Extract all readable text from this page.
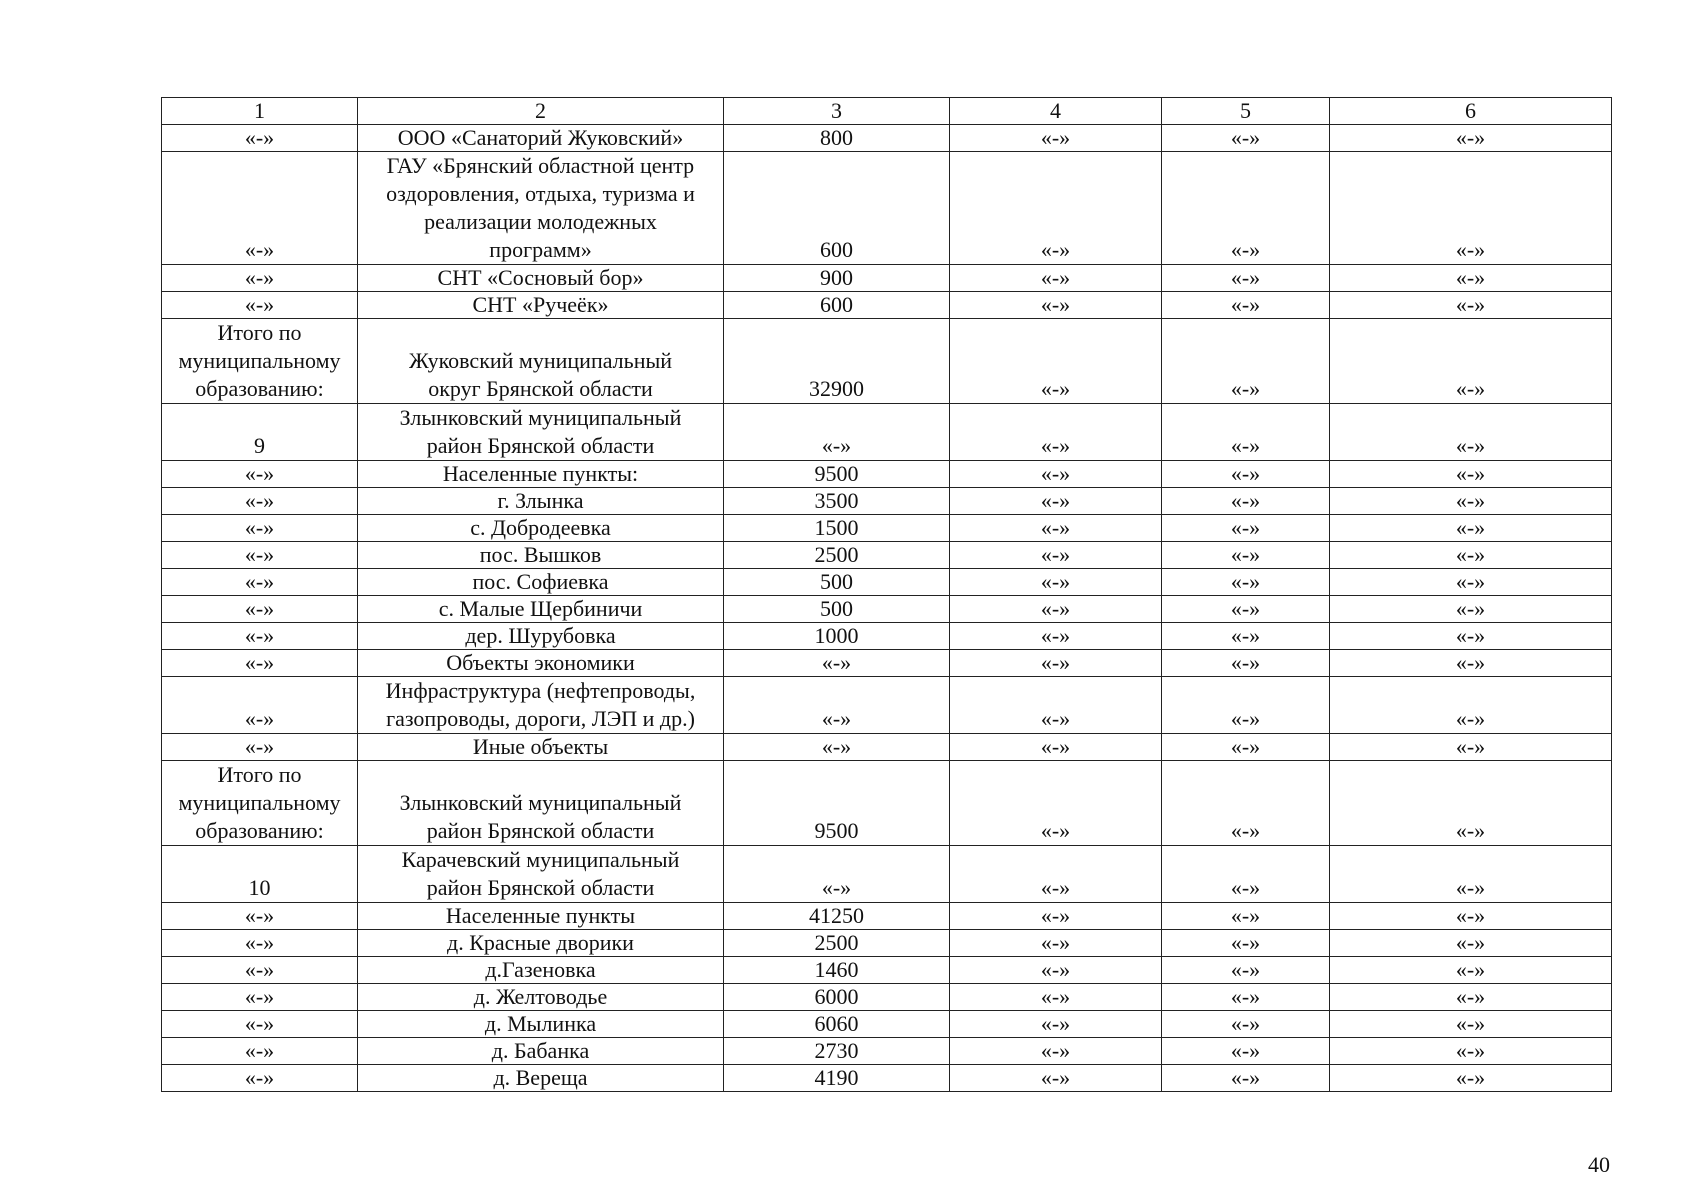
1	2	3	4	5	6
«-»	ООО «Санаторий Жуковский»	800	«-»	«-»	«-»
«-»	ГАУ «Брянский областной центр
оздоровления, отдыха, туризма и
реализации молодежных
программ»	600	«-»	«-»	«-»
«-»	СНТ «Сосновый бор»	900	«-»	«-»	«-»
«-»	СНТ «Ручеёк»	600	«-»	«-»	«-»
Итого по
муниципальному
образованию:	Жуковский муниципальный
округ Брянской области	32900	«-»	«-»	«-»
9	Злынковский муниципальный
район Брянской области	«-»	«-»	«-»	«-»
«-»	Населенные пункты:	9500	«-»	«-»	«-»
«-»	г. Злынка	3500	«-»	«-»	«-»
«-»	с. Добродеевка	1500	«-»	«-»	«-»
«-»	пос. Вышков	2500	«-»	«-»	«-»
«-»	пос. Софиевка	500	«-»	«-»	«-»
«-»	с. Малые Щербиничи	500	«-»	«-»	«-»
«-»	дер. Шурубовка	1000	«-»	«-»	«-»
«-»	Объекты экономики	«-»	«-»	«-»	«-»
«-»	Инфраструктура (нефтепроводы,
газопроводы, дороги, ЛЭП и др.)	«-»	«-»	«-»	«-»
«-»	Иные объекты	«-»	«-»	«-»	«-»
Итого по
муниципальному
образованию:	Злынковский муниципальный
район Брянской области	9500	«-»	«-»	«-»
10	Карачевский муниципальный
район Брянской области	«-»	«-»	«-»	«-»
«-»	Населенные пункты	41250	«-»	«-»	«-»
«-»	д. Красные дворики	2500	«-»	«-»	«-»
«-»	д.Газеновка	1460	«-»	«-»	«-»
«-»	д. Желтоводье	6000	«-»	«-»	«-»
«-»	д. Мылинка	6060	«-»	«-»	«-»
«-»	д. Бабанка	2730	«-»	«-»	«-»
«-»	д. Вереща	4190	«-»	«-»	«-»
40
